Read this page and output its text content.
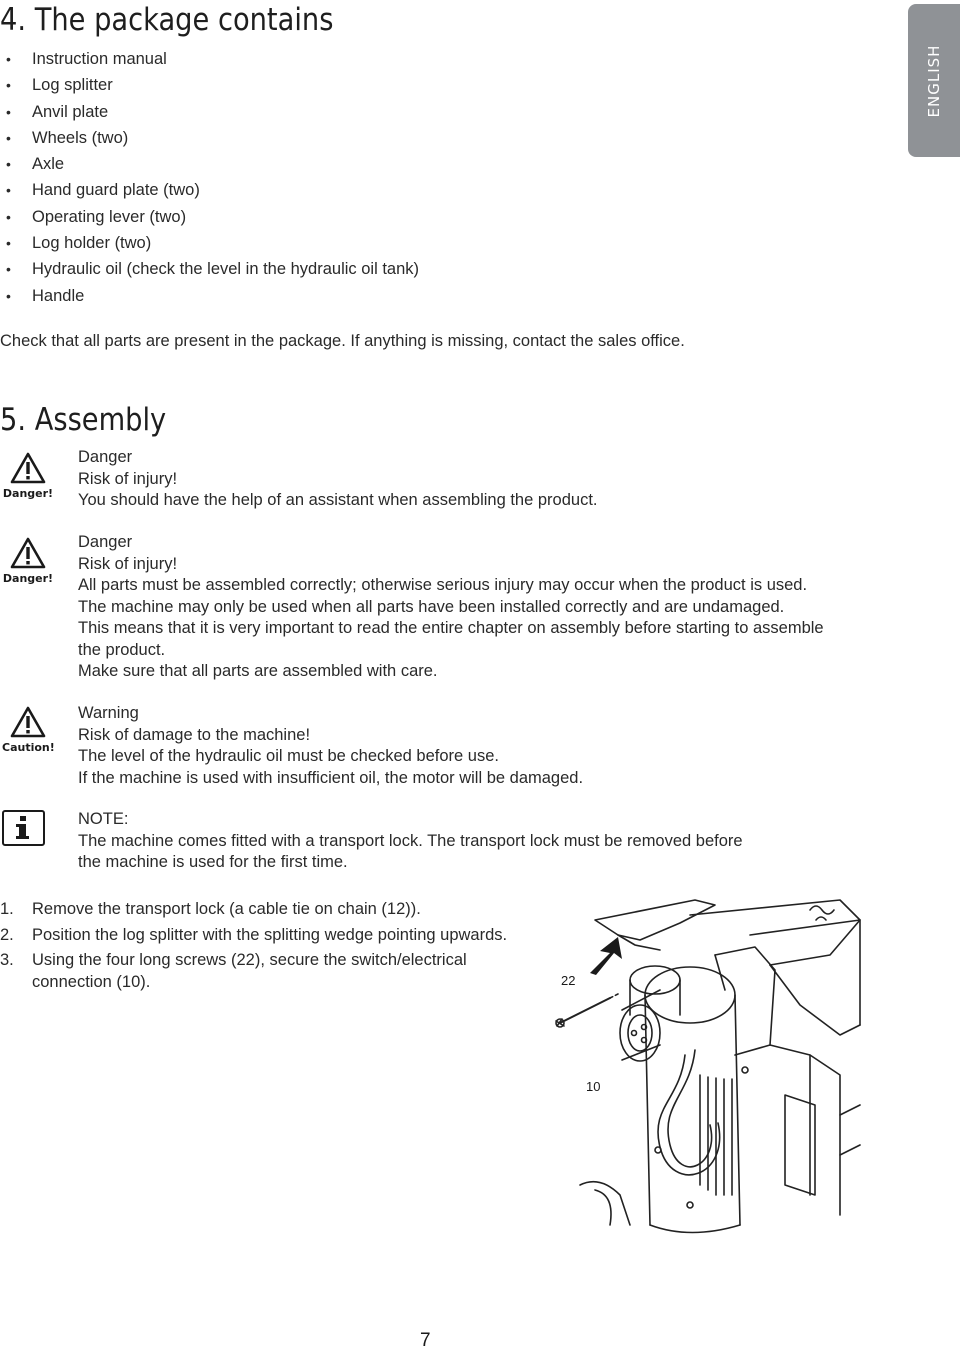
ENGLISH
4. The package contains
• Instruction manual
• Log splitter
• Anvil plate
• Wheels (two)
• Axle
• Hand guard plate (two)
• Operating lever (two)
• Log holder (two)
• Hydraulic oil (check the level in the hydraulic oil tank)
• Handle
Check that all parts are present in the package. If anything is missing, contact the sales office.
5. Assembly
Danger!
Danger
Risk of injury!
You should have the help of an assistant when assembling the product.
Danger!
Danger
Risk of injury!
All parts must be assembled correctly; otherwise serious injury may occur when the product is used.
The machine may only be used when all parts have been installed correctly and are undamaged.
This means that it is very important to read the entire chapter on assembly before starting to assemble
the product.
Make sure that all parts are assembled with care.
Caution!
Warning
Risk of damage to the machine!
The level of the hydraulic oil must be checked before use.
If the machine is used with insufficient oil, the motor will be damaged.
NOTE:
The machine comes fitted with a transport lock. The transport lock must be removed before
the machine is used for the first time.
1.	Remove the transport lock (a cable tie on chain (12)).
2.	Position the log splitter with the splitting wedge pointing upwards.
3.	Using the four long screws (22), secure the switch/electrical connection (10).	22
10
7
